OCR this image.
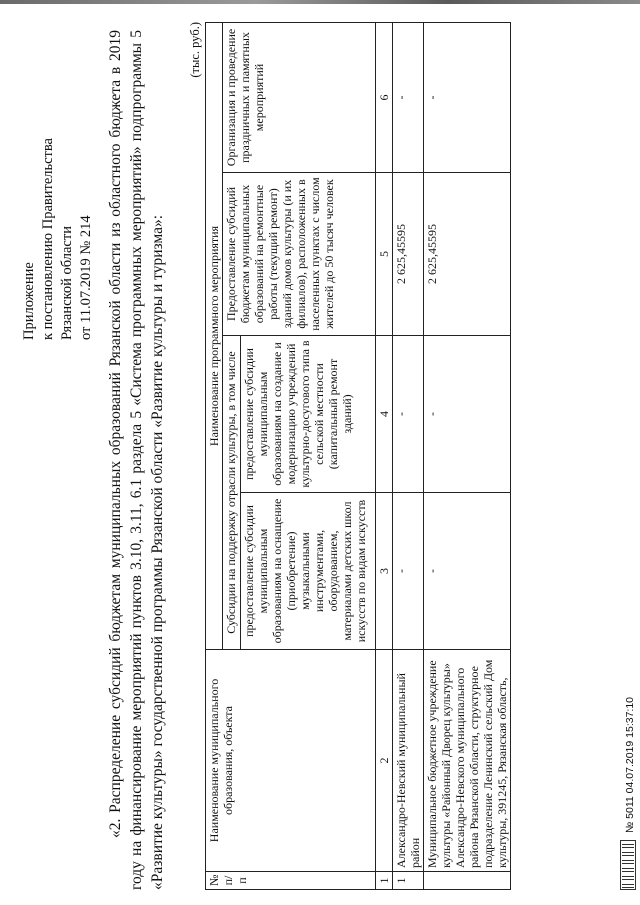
Приложение к постановлению Правительства Рязанской области от 11.07.2019 № 214 «2. Распределение субсидий бюджетам муниципальных образований Рязанской области из областного бюджета в 2019 году на финансирование мероприятий пунктов 3.10, 3.11, 6.1 раздела 5 «Система программных мероприятий» подпрограммы 5 «Развитие культуры» государственной программы Рязанской области «Развитие культуры и туризма»:

(тыс. руб.)
№ п/п	Наименование муниципального образования, объекта	Наименование программного мероприятия			
		Субсидии на поддержку отрасли культуры, в том числе		Предоставление субсидий бюджетам муниципальных образований на ремонтные работы (текущий ремонт) зданий домов культуры (и их филиалов), расположенных в населенных пунктах с числом жителей до 50 тысяч человек	Организация и проведение праздничных и памятных мероприятий
		предоставление субсидии муниципальным образованиям на оснащение (приобретение) музыкальными инструментами, оборудованием, материалами детских школ искусств по видам искусств	предоставление субсидии муниципальным образованиям на создание и модернизацию учреждений культурно-досугового типа в сельской местности (капитальный ремонт зданий)		
1	2	3	4	5	6
1	Александро-Невский муниципальный район	-	-	2 625,45595	-
	Муниципальное бюджетное учреждение культуры «Районный Дворец культуры» Александро-Невского муниципального района Рязанской области, структурное подразделение Ленинский сельский Дом культуры, 391245, Рязанская область,	-	-	2 625,45595	-
№ 5011 04.07.2019 15:37:10
